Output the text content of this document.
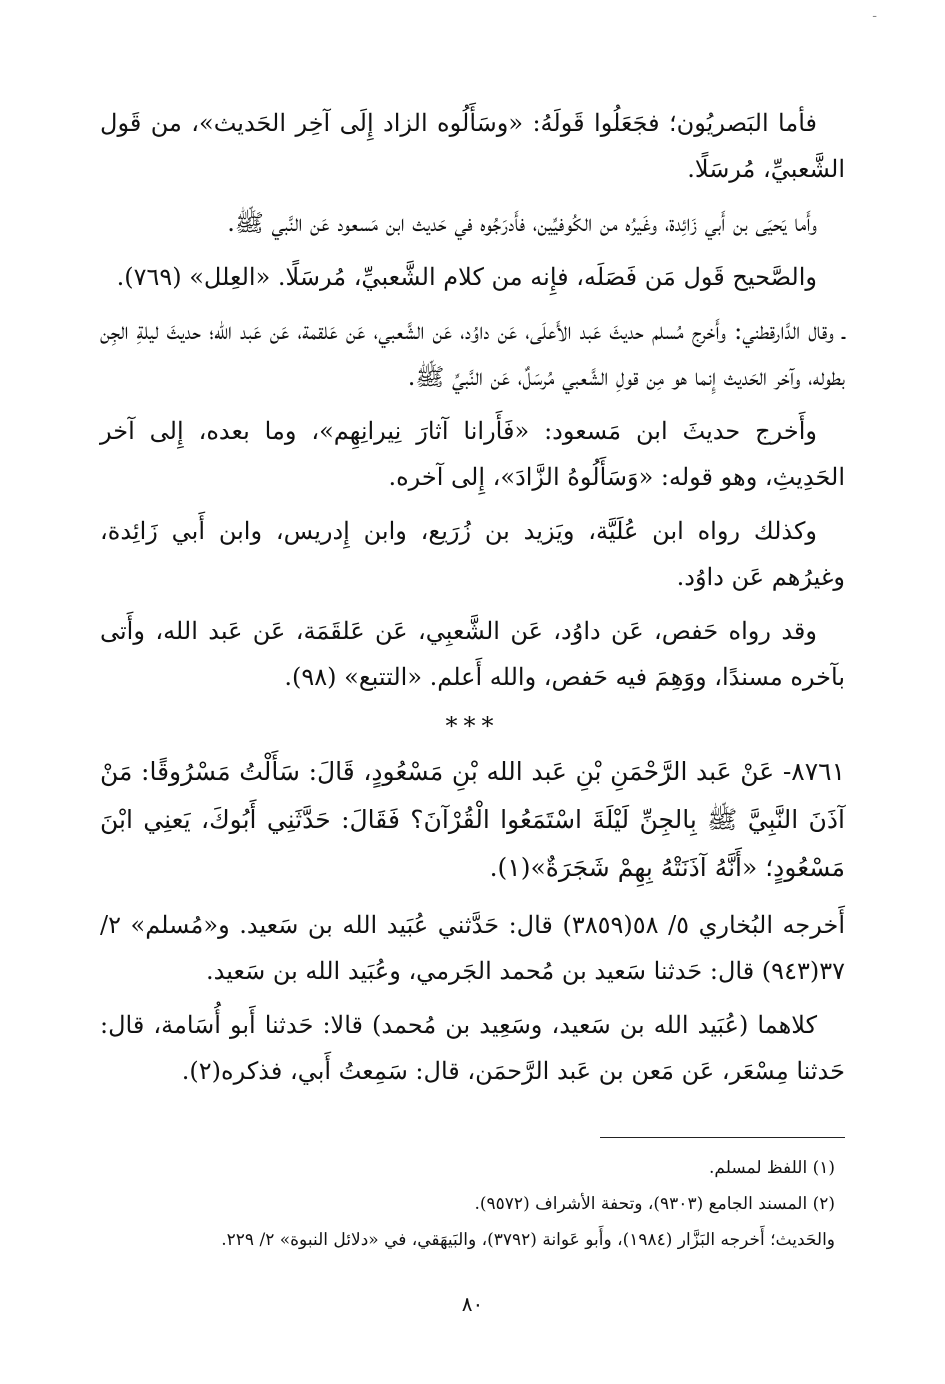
-

فأما البَصريُون؛ فجَعَلُوا قَولَهُ: «وسَأَلُوه الزاد إِلَى آخِر الحَديث»، من قَول الشَّعبيِّ، مُرسَلًا.

وأَما يَحيَى بن أَبي زَائِدة، وغَيرُه من الكُوفيِّين، فأَدرَجُوه في حَديث ابن مَسعود عَن النَّبي ﷺ.

والصَّحيح قَول مَن فَصَلَه، فإِنه من كلام الشَّعبيِّ، مُرسَلًا. «العِلل» (٧٦٩).

ـ وقال الدَّارقطني: وأَخرج مُسلم حديثَ عَبد الأَعلَى، عَن داوُد، عَن الشَّعبي، عَن عَلقمة، عَن عَبد الله؛ حديثَ ليلةِ الجِن بطوله، وآخر الحَديث إِنما هو مِن قولِ الشَّعبي مُرسَلٌ، عَن النَّبيِّ ﷺ.

وأَخرج حديثَ ابن مَسعود: «فَأَرانا آثارَ نِيرانِهِم»، وما بعده، إِلى آخر الحَدِيثِ، وهو قوله: «وَسَأَلُوهُ الزَّادَ»، إِلى آخره.

وكذلك رواه ابن عُلَيَّة، ويَزيد بن زُرَيع، وابن إِدريس، وابن أَبي زَائِدة، وغيرُهم عَن داوُد.

وقد رواه حَفص، عَن داوُد، عَن الشَّعبِي، عَن عَلقَمَة، عَن عَبد الله، وأَتى بآخره مسندًا، ووَهِمَ فيه حَفص، والله أَعلم. «التتبع» (٩٨).

***

٨٧٦١- عَنْ عَبد الرَّحْمَنِ بْنِ عَبد الله بْنِ مَسْعُودٍ، قَالَ: سَأَلْتُ مَسْرُوقًا: مَنْ آذَنَ النَّبِيَّ ﷺ بِالجِنِّ لَيْلَةَ اسْتَمَعُوا الْقُرْآنَ؟ فَقَالَ: حَدَّثَنِي أَبُوكَ، يَعنِي ابْنَ مَسْعُودٍ؛ «أَنَّهُ آذَنَتْهُ بِهِمْ شَجَرَةٌ»(١).

أَخرجه البُخاري ٥/ ٥٨(٣٨٥٩) قال: حَدَّثني عُبَيد الله بن سَعيد. و«مُسلم» ٢/ ٣٧(٩٤٣) قال: حَدثنا سَعيد بن مُحمد الجَرمي، وعُبَيد الله بن سَعيد.

كلاهما (عُبَيد الله بن سَعيد، وسَعِيد بن مُحمد) قالا: حَدثنا أَبو أُسَامة، قال: حَدثنا مِسْعَر، عَن مَعن بن عَبد الرَّحمَن، قال: سَمِعتُ أَبي، فذكره(٢).

(١) اللفظ لمسلم.

(٢) المسند الجامع (٩٣٠٣)، وتحفة الأشراف (٩٥٧٢).

والحَديث؛ أَخرجه البَزَّار (١٩٨٤)، وأَبو عَوانة (٣٧٩٢)، والبَيهَقي، في «دلائل النبوة» ٢/ ٢٢٩.

٨٠
